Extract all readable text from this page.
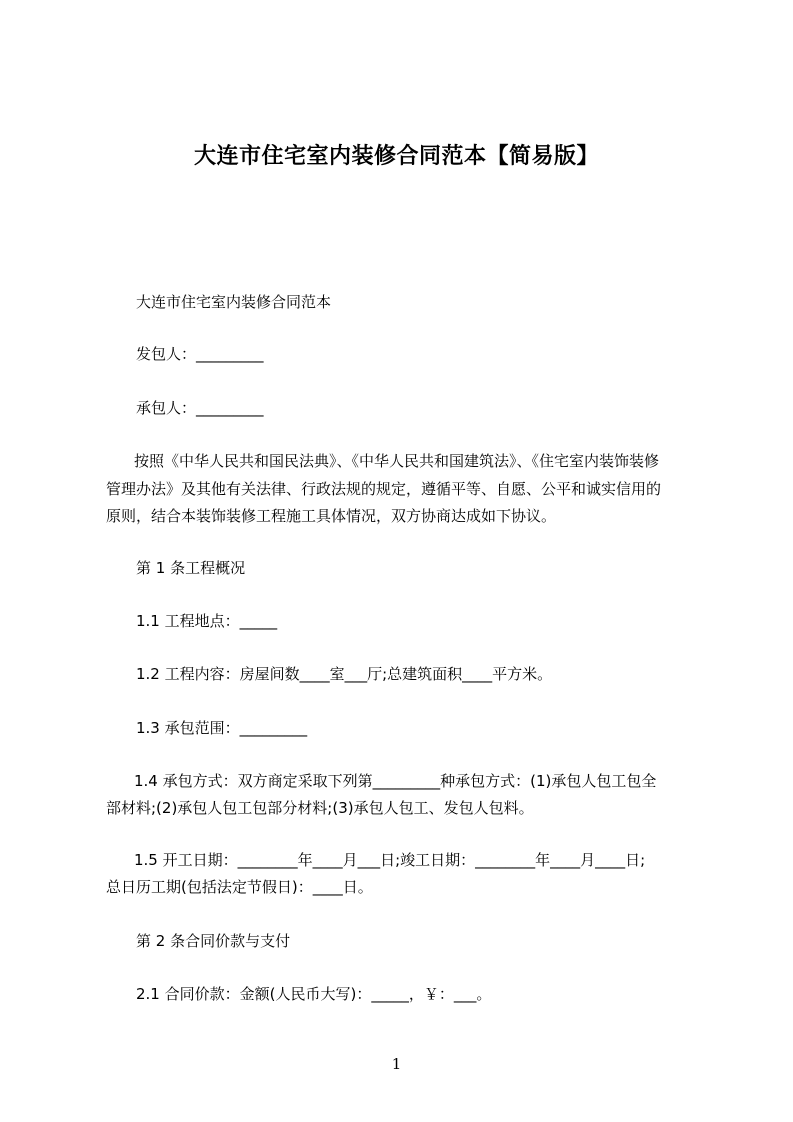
大连市住宅室内装修合同范本【简易版】
大连市住宅室内装修合同范本
发包人：_________
承包人：_________
按照《中华人民共和国民法典》、《中华人民共和国建筑法》、《住宅室内装饰装修
管理办法》及其他有关法律、行政法规的规定，遵循平等、自愿、公平和诚实信用的
原则，结合本装饰装修工程施工具体情况，双方协商达成如下协议。
第 1 条工程概况
1.1 工程地点：_____
1.2 工程内容：房屋间数____室___厅;总建筑面积____平方米。
1.3 承包范围：_________
1.4 承包方式：双方商定采取下列第_________种承包方式：(1)承包人包工包全
部材料;(2)承包人包工包部分材料;(3)承包人包工、发包人包料。
1.5 开工日期：________年____月___日;竣工日期：________年____月____日;
总日历工期(包括法定节假日)：____日。
第 2 条合同价款与支付
2.1 合同价款：金额(人民币大写)：_____，￥：___。
1
